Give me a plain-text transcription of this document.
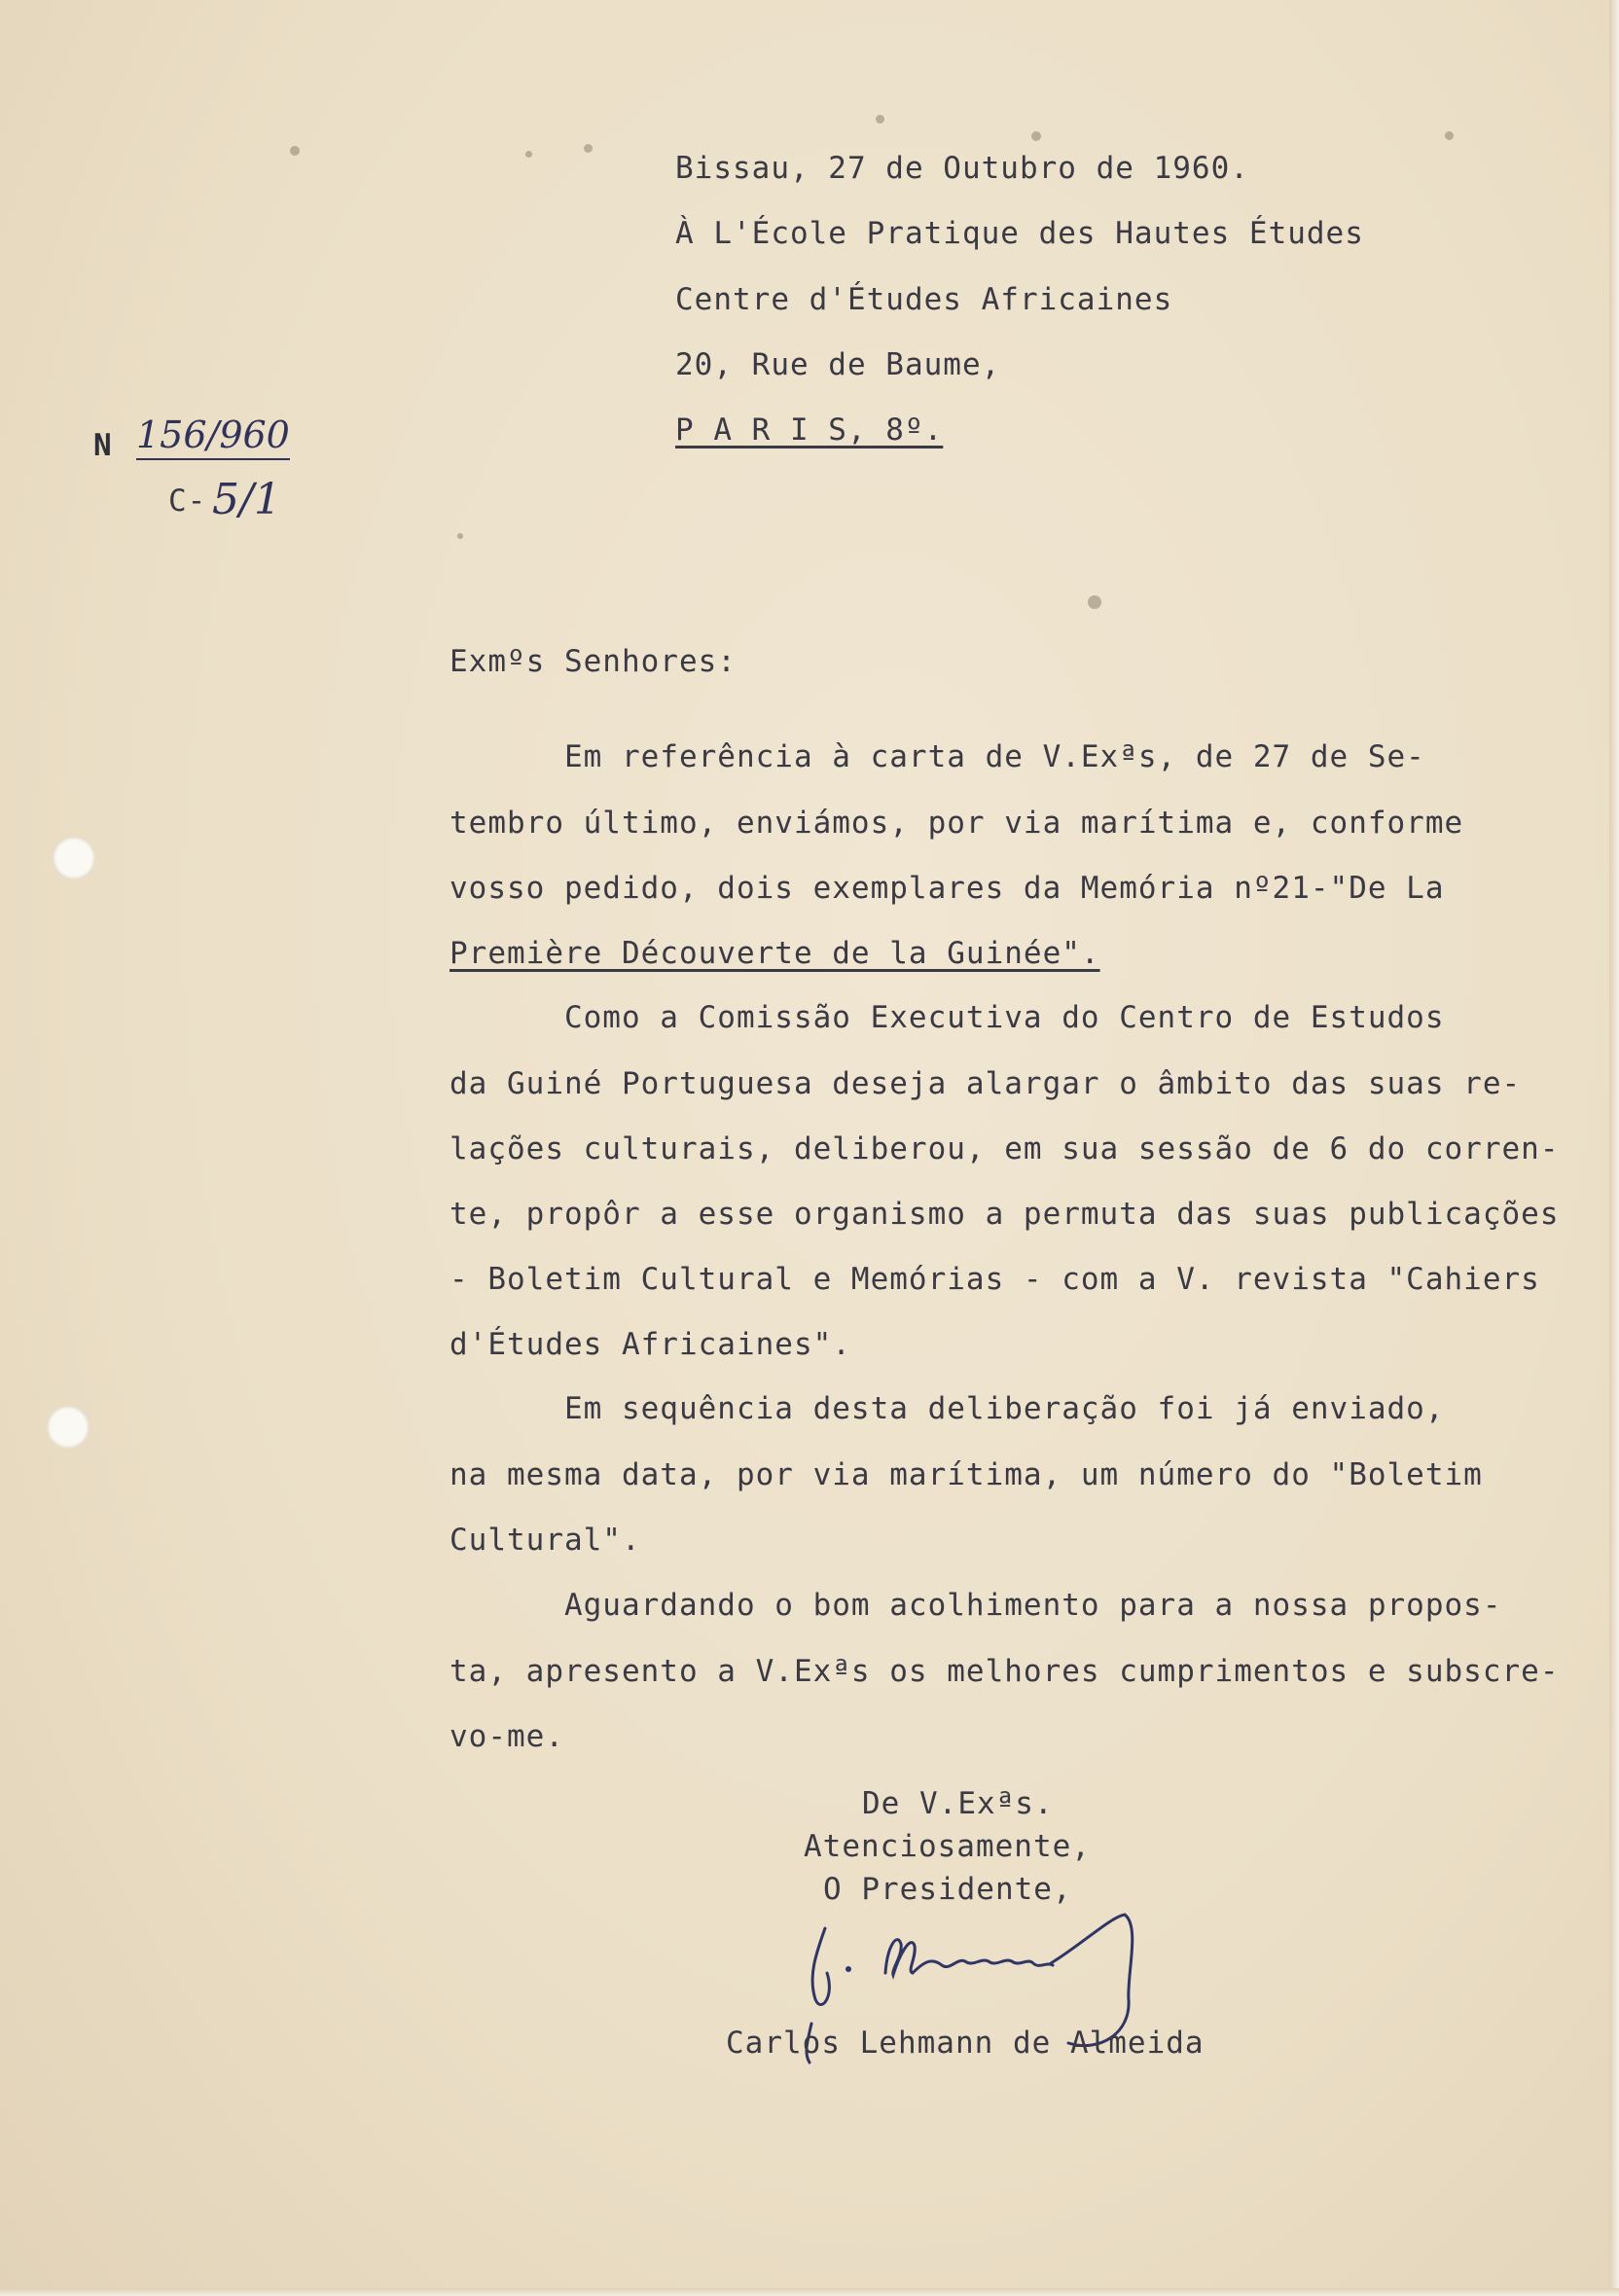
Bissau, 27 de Outubro de 1960.
À L'École Pratique des Hautes Études
Centre d'Études Africaines
20, Rue de Baume,
P A R I S, 8º.
N 156/960
C- 5/1
Exmºs Senhores:
Em referência à carta de V.Exªs, de 27 de Se-
tembro último, enviámos, por via marítima e, conforme
vosso pedido, dois exemplares da Memória nº21-"De La
Première Découverte de la Guinée".
Como a Comissão Executiva do Centro de Estudos
da Guiné Portuguesa deseja alargar o âmbito das suas re-
lações culturais, deliberou, em sua sessão de 6 do corren-
te, propôr a esse organismo a permuta das suas publicações
- Boletim Cultural e Memórias - com a V. revista "Cahiers
d'Études Africaines".
Em sequência desta deliberação foi já enviado,
na mesma data, por via marítima, um número do "Boletim
Cultural".
Aguardando o bom acolhimento para a nossa propos-
ta, apresento a V.Exªs os melhores cumprimentos e subscre-
vo-me.
De V.Exªs.
Atenciosamente,
O Presidente,
Carlos Lehmann de Almeida
